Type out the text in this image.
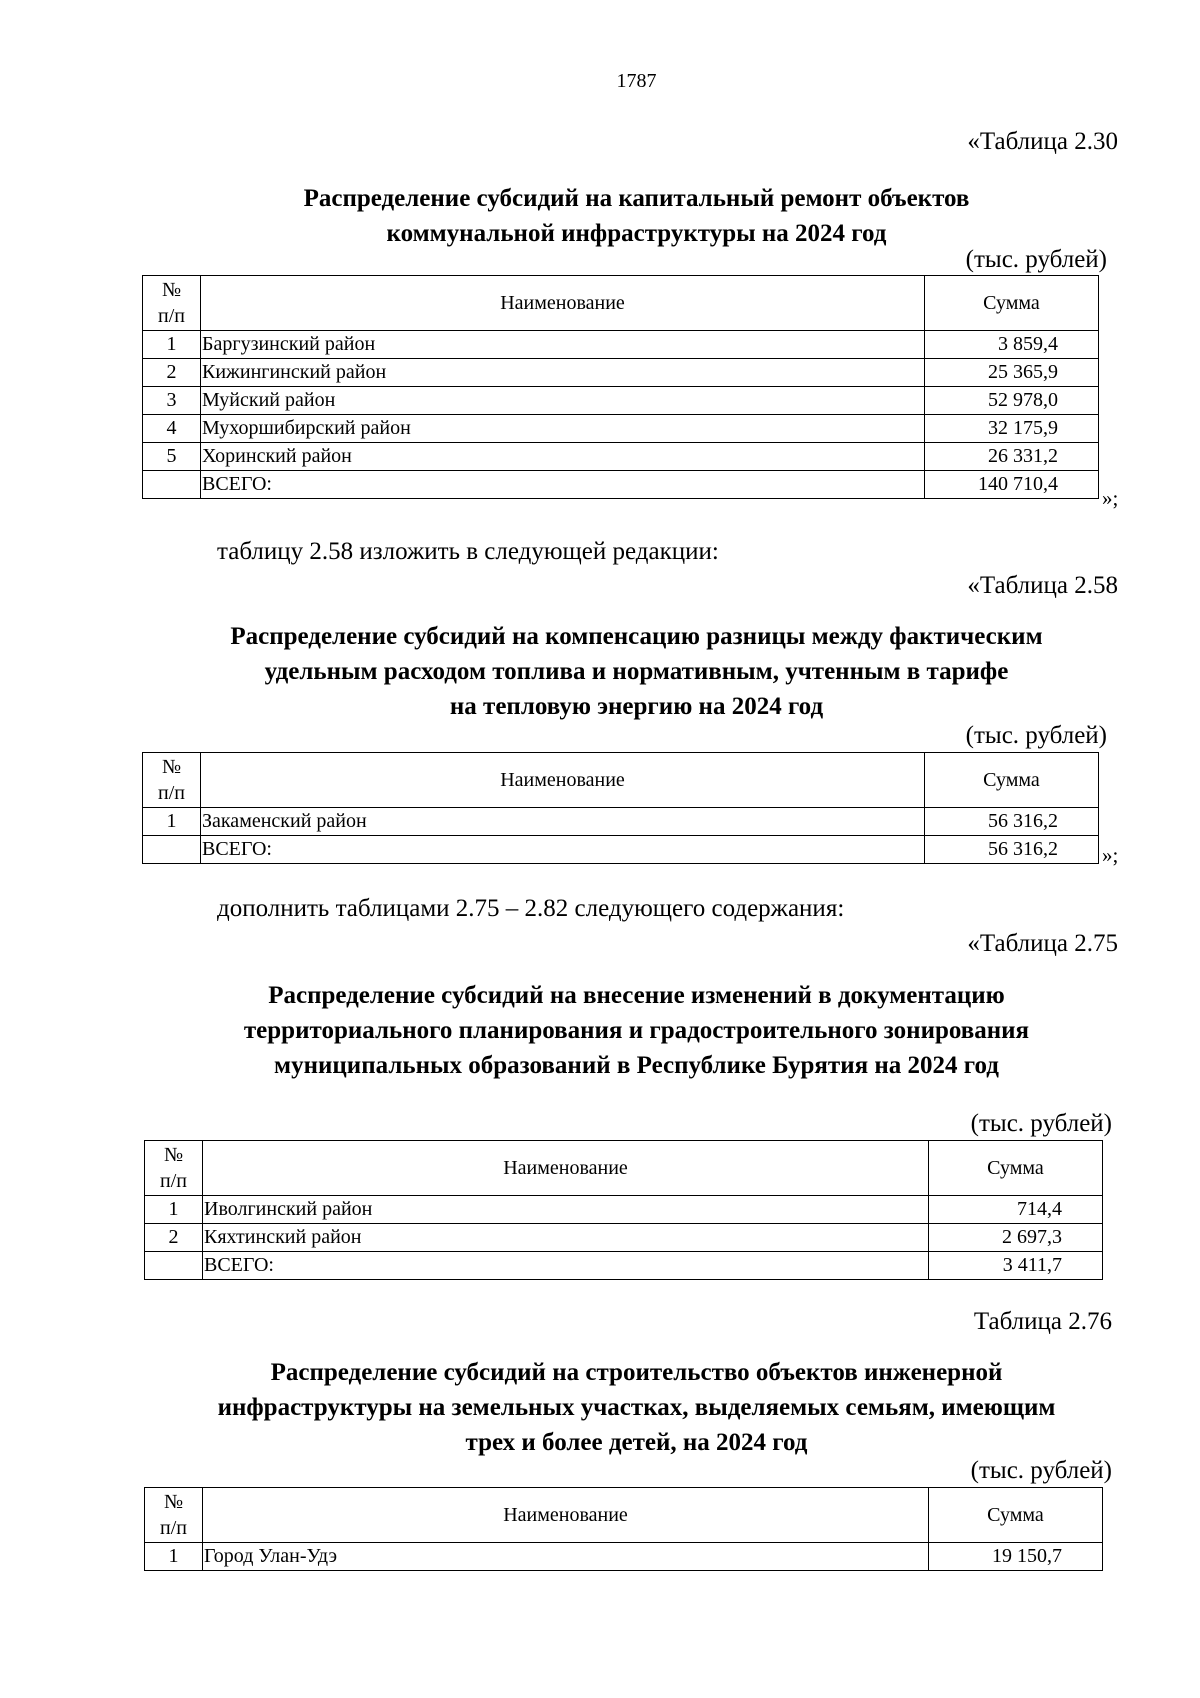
1787
«Таблица 2.30
Распределение субсидий на капитальный ремонт объектов
коммунальной инфраструктуры на 2024 год
(тыс. рублей)
№
п/п	Наименование	Сумма
1	Баргузинский район	3 859,4
2	Кижингинский район	25 365,9
3	Муйский район	52 978,0
4	Мухоршибирский район	32 175,9
5	Хоринский район	26 331,2
	ВСЕГО:	140 710,4
»;
таблицу 2.58 изложить в следующей редакции:
«Таблица 2.58
Распределение субсидий на компенсацию разницы между фактическим
удельным расходом топлива и нормативным, учтенным в тарифе
на тепловую энергию на 2024 год
(тыс. рублей)
№
п/п	Наименование	Сумма
1	Закаменский район	56 316,2
	ВСЕГО:	56 316,2 »;
дополнить таблицами 2.75 – 2.82 следующего содержания:
«Таблица 2.75
Распределение субсидий на внесение изменений в документацию
территориального планирования и градостроительного зонирования
муниципальных образований в Республике Бурятия на 2024 год
(тыс. рублей)
№
п/п	Наименование	Сумма
1	Иволгинский район	714,4
2	Кяхтинский район	2 697,3
	ВСЕГО:	3 411,7
Таблица 2.76
Распределение субсидий на строительство объектов инженерной
инфраструктуры на земельных участках, выделяемых семьям, имеющим
трех и более детей, на 2024 год
(тыс. рублей)
№
п/п	Наименование	Сумма
1	Город Улан-Удэ	19 150,7
